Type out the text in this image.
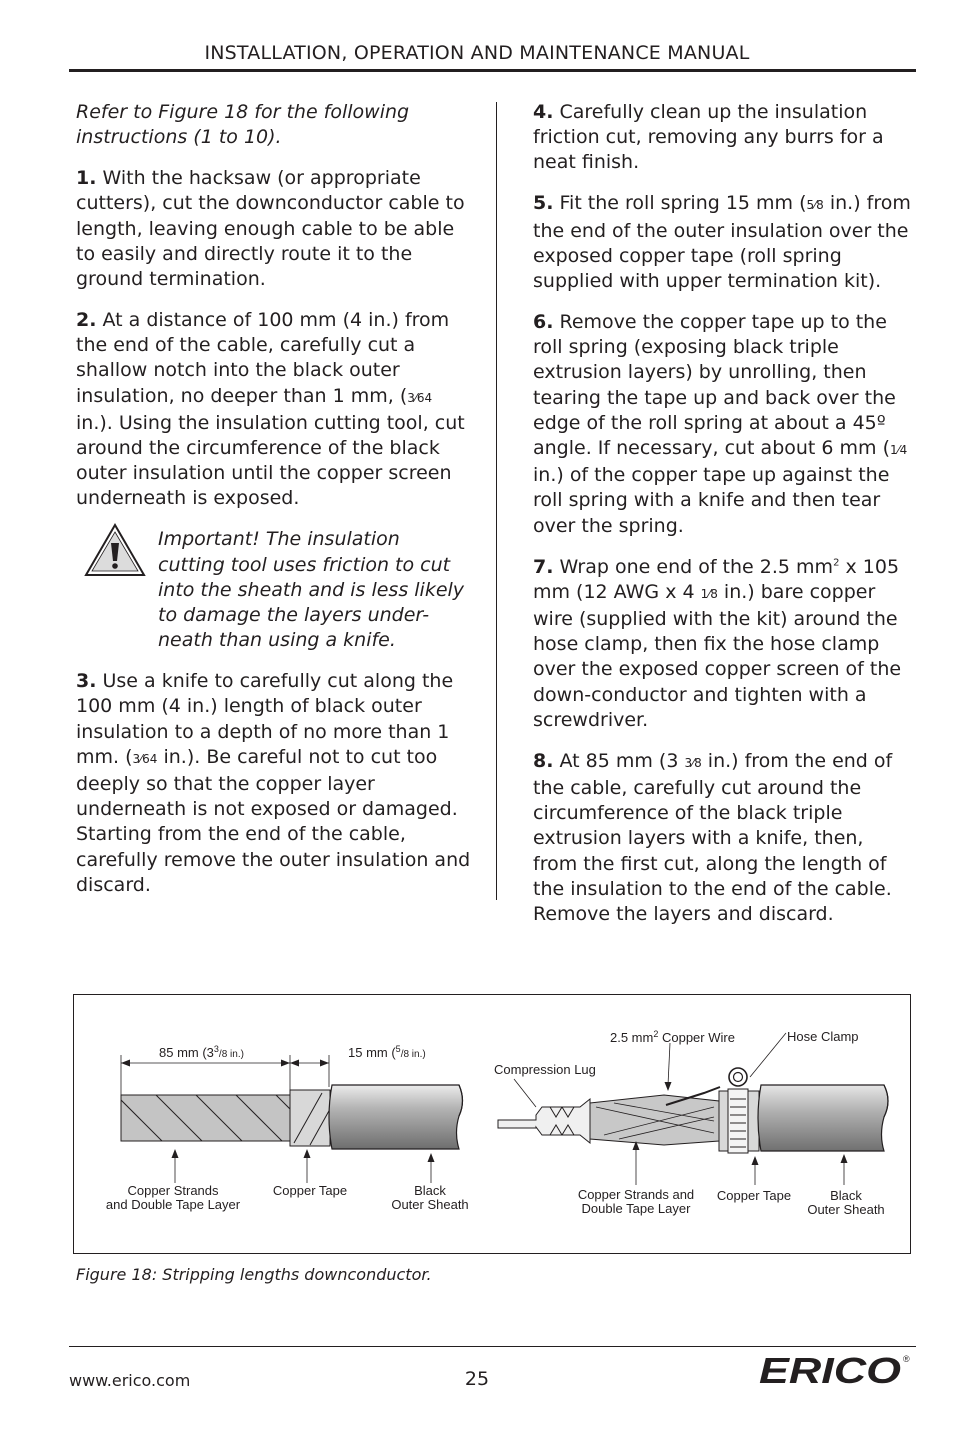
INSTALLATION, OPERATION AND MAINTENANCE MANUAL

Refer to Figure 18 for the following instructions (1 to 10).

1. With the hacksaw (or appropriate cutters), cut the downconductor cable to length, leaving enough cable to be able to easily and directly route it to the ground termination.

2. At a distance of 100 mm (4 in.) from the end of the cable, carefully cut a shallow notch into the black outer insulation, no deeper than 1 mm, (3⁄64 in.). Using the insulation cutting tool, cut around the circumference of the black outer insulation until the copper screen underneath is exposed.

Important! The insulation cutting tool uses friction to cut into the sheath and is less likely to damage the layers under-neath than using a knife.

3. Use a knife to carefully cut along the 100 mm (4 in.) length of black outer insulation to a depth of no more than 1 mm. (3⁄64 in.). Be careful not to cut too deeply so that the copper layer underneath is not exposed or damaged. Starting from the end of the cable, carefully remove the outer insulation and discard.

4. Carefully clean up the insulation friction cut, removing any burrs for a neat finish.

5. Fit the roll spring 15 mm (5⁄8 in.) from the end of the outer insulation over the exposed copper tape (roll spring supplied with upper termination kit).

6. Remove the copper tape up to the roll spring (exposing black triple extrusion layers) by unrolling, then tearing the tape up and back over the edge of the roll spring at about a 45º angle. If necessary, cut about 6 mm (1⁄4 in.) of the copper tape up against the roll spring with a knife and then tear over the spring.

7. Wrap one end of the 2.5 $mm^2$ x 105 mm (12 AWG x 4 1⁄8 in.) bare copper wire (supplied with the kit) around the hose clamp, then fix the hose clamp over the exposed copper screen of the down-conductor and tighten with a screwdriver.

8. At 85 mm (3 3⁄8 in.) from the end of the cable, carefully cut around the circumference of the black triple extrusion layers with a knife, then, from the first cut, along the length of the insulation to the end of the cable. Remove the layers and discard.

85 mm ($3^3_{/8 in.)}$	15 mm ($^5_{/8 in.)}$
Copper Strands and Double Tape Layer
Copper Tape	Black Outer Sheath
2.5 $mm^2$ Copper Wire	Hose Clamp
Compression Lug
Copper Strands and Double Tape Layer
Copper Tape	Black Outer Sheath
Figure 18: Stripping lengths downconductor.
www.erico.com	25	ERICO ®
